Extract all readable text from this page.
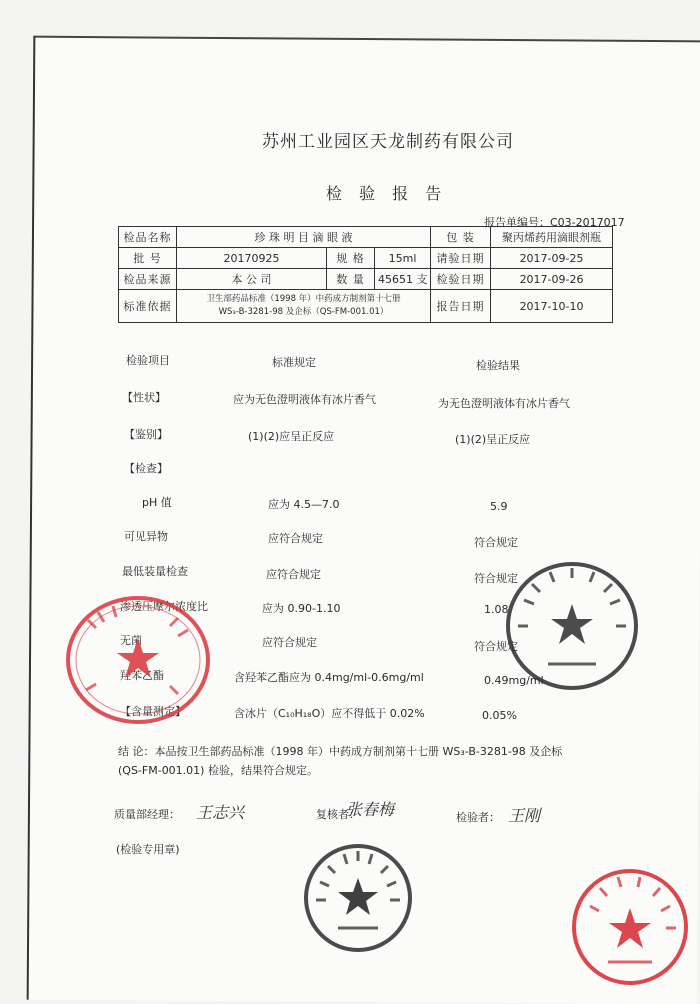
苏州工业园区天龙制药有限公司
检 验 报 告
报告单编号：C03-2017017
检品名称	珍 珠 明 目 滴 眼 液			包 装	聚丙烯药用滴眼剂瓶
批 号	20170925	规 格	15ml	请验日期	2017-09-25
检品来源	本 公 司	数 量	45651 支	检验日期	2017-09-26
标准依据	卫生部药品标准（1998 年）中药成方制剂第十七册
WS₃-B-3281-98 及企标（QS-FM-001.01）			报告日期	2017-10-10
检验项目	标准规定	检验结果
【性状】	应为无色澄明液体有冰片香气	为无色澄明液体有冰片香气
【鉴别】	(1)(2)应呈正反应	(1)(2)呈正反应
【检查】
pH 值	应为 4.5—7.0	5.9
可见异物	应符合规定	符合规定
最低装量检查	应符合规定	符合规定
渗透压摩尔浓度比	应为 0.90-1.10	1.08
无菌	应符合规定	符合规定
羟苯乙酯	含羟苯乙酯应为 0.4mg/ml-0.6mg/ml	0.49mg/ml
【含量测定】	含冰片（C₁₀H₁₈O）应不得低于 0.02%	0.05%
结 论：本品按卫生部药品标准（1998 年）中药成方制剂第十七册 WS₃-B-3281-98 及企标
(QS-FM-001.01) 检验，结果符合规定。
质量部经理： 王志兴	复核者：
张春梅	检验者： 王刚
(检验专用章)
